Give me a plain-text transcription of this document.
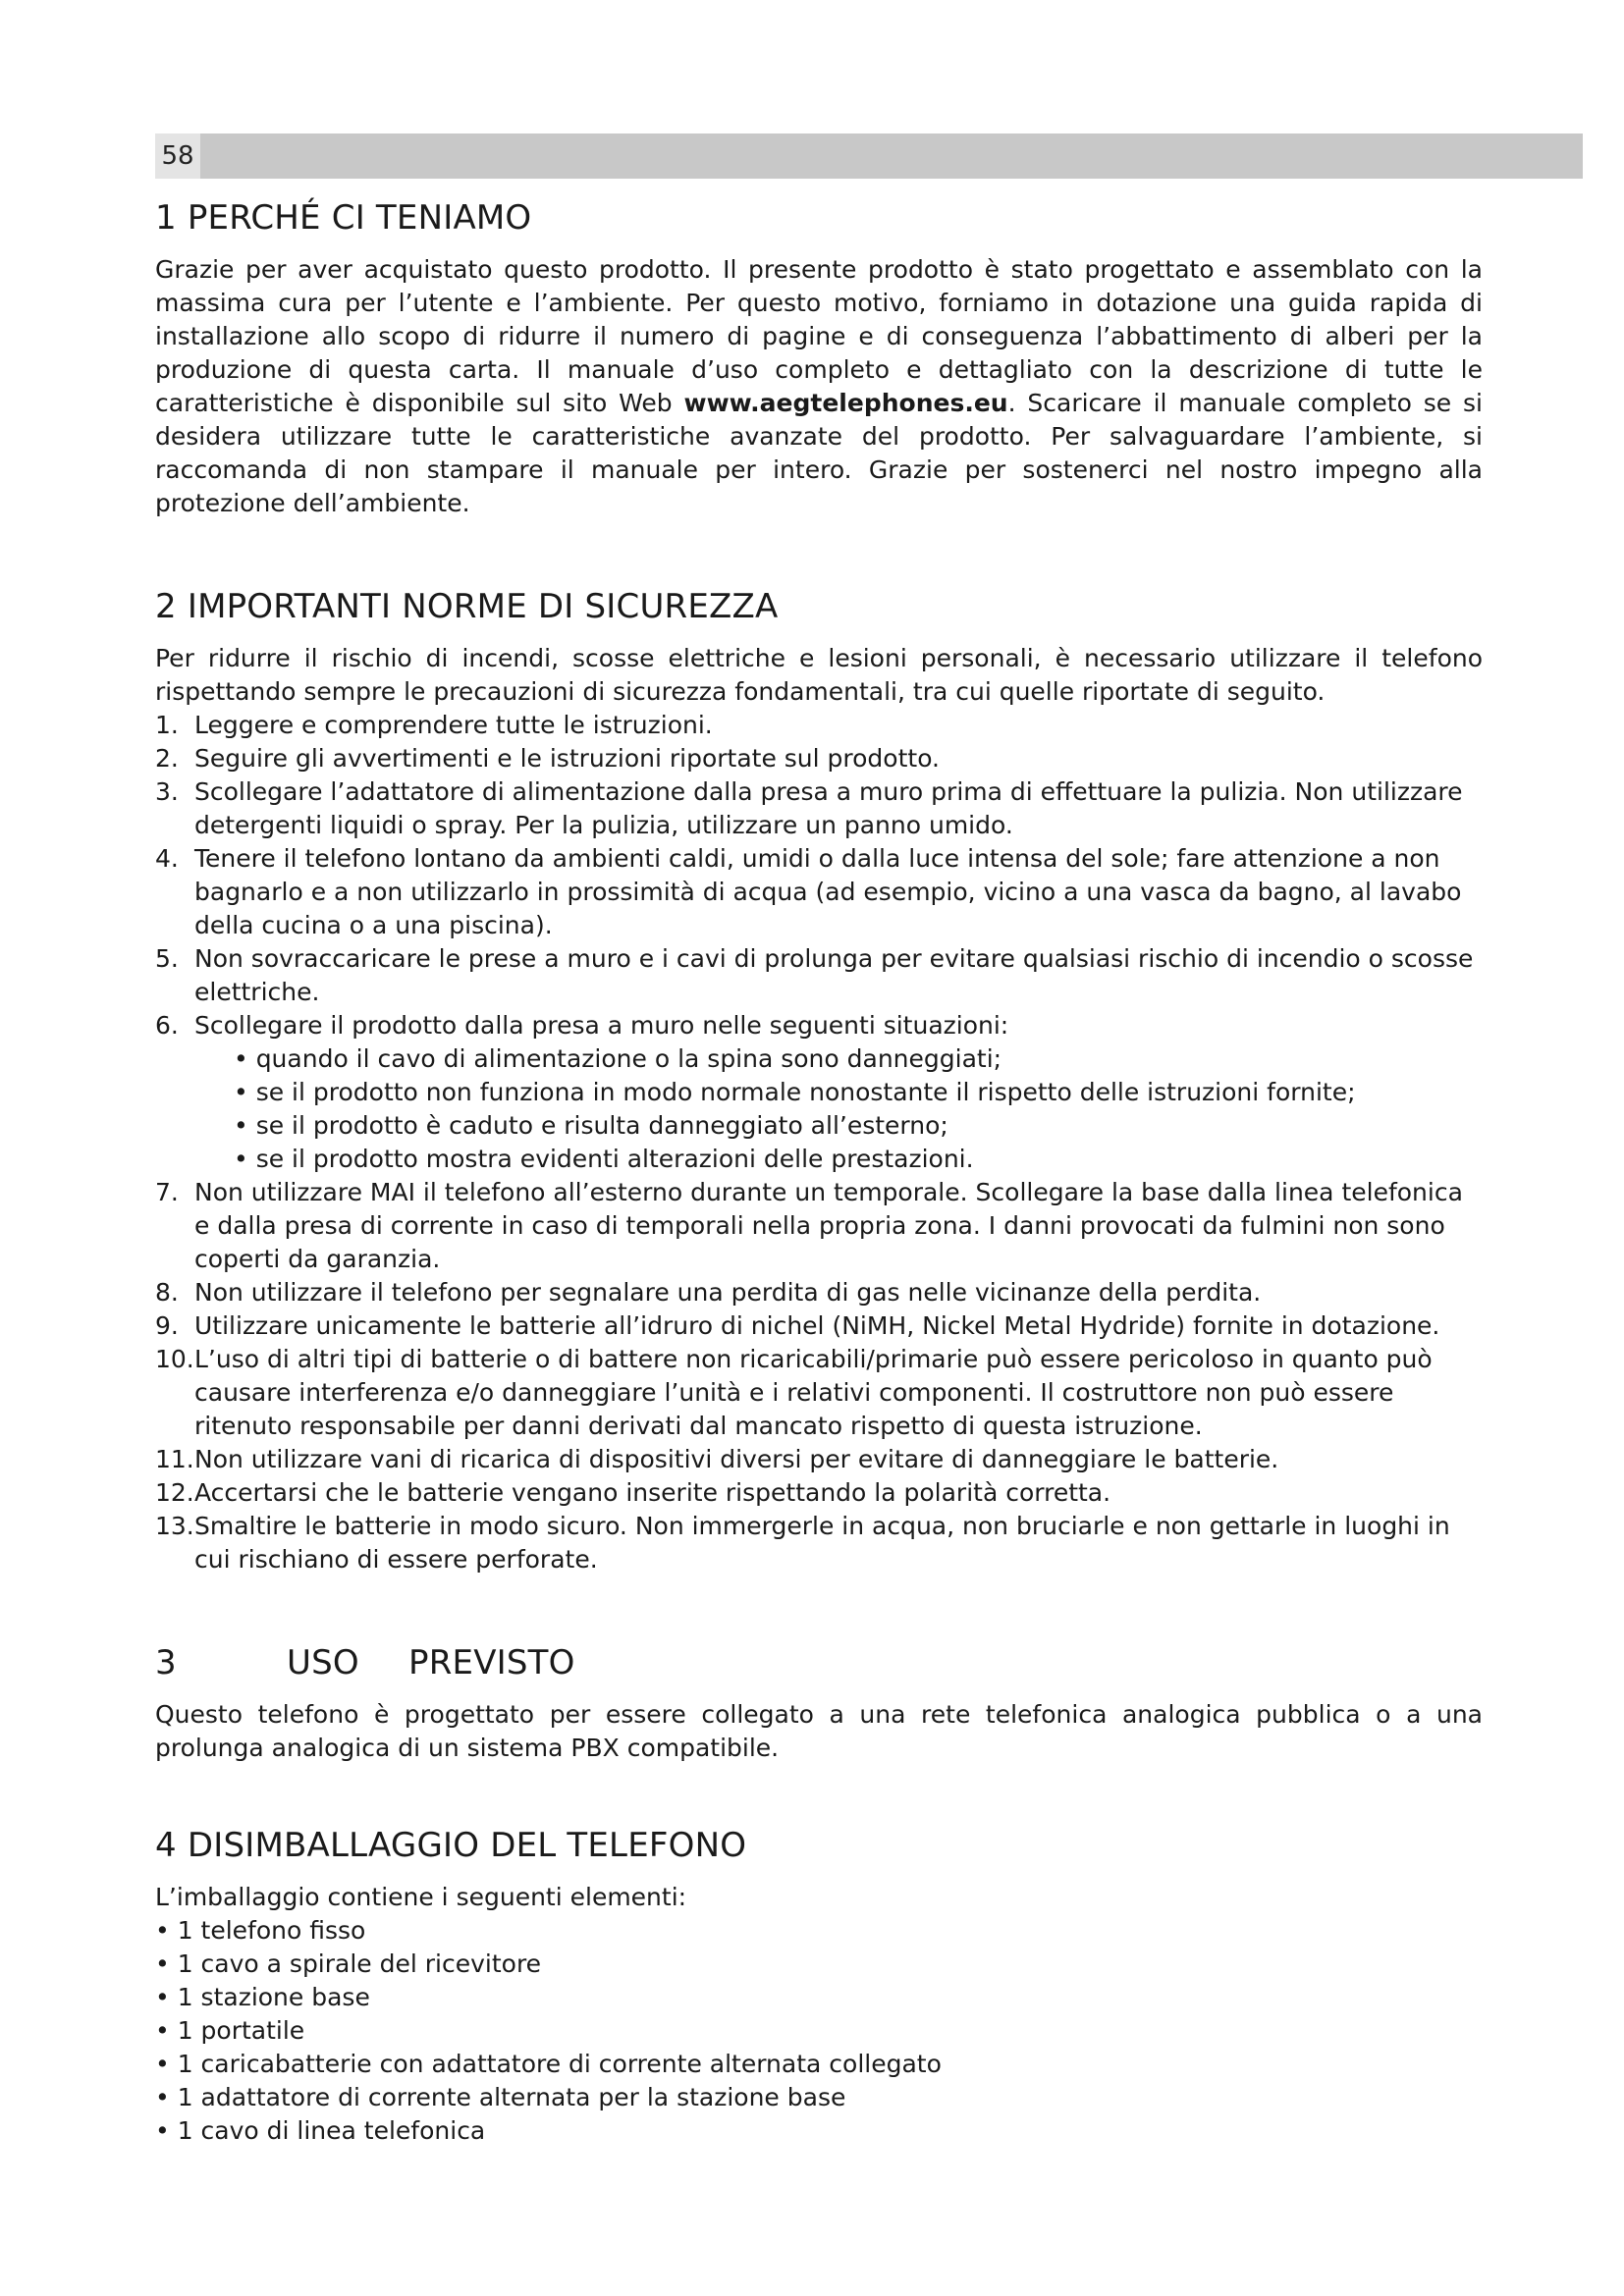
58
1 PERCHÉ CI TENIAMO

Grazie per aver acquistato questo prodotto. Il presente prodotto è stato progettato e assemblato con la massima cura per l’utente e l’ambiente. Per questo motivo, forniamo in dotazione una guida rapida di installazione allo scopo di ridurre il numero di pagine e di conseguenza l’abbattimento di alberi per la produzione di questa carta. Il manuale d’uso completo e dettagliato con la descrizione di tutte le caratteristiche è disponibile sul sito Web www.aegtelephones.eu. Scaricare il manuale completo se si desidera utilizzare tutte le caratteristiche avanzate del prodotto. Per salvaguardare l’ambiente, si raccomanda di non stampare il manuale per intero. Grazie per sostenerci nel nostro impegno alla protezione dell’ambiente.

2 IMPORTANTI NORME DI SICUREZZA

Per ridurre il rischio di incendi, scosse elettriche e lesioni personali, è necessario utilizzare il telefono rispettando sempre le precauzioni di sicurezza fondamentali, tra cui quelle riportate di seguito.

1. Leggere e comprendere tutte le istruzioni.
2. Seguire gli avvertimenti e le istruzioni riportate sul prodotto.
3. Scollegare l’adattatore di alimentazione dalla presa a muro prima di effettuare la pulizia. Non utilizzare detergenti liquidi o spray. Per la pulizia, utilizzare un panno umido.
4. Tenere il telefono lontano da ambienti caldi, umidi o dalla luce intensa del sole; fare attenzione a non bagnarlo e a non utilizzarlo in prossimità di acqua (ad esempio, vicino a una vasca da bagno, al lavabo della cucina o a una piscina).
5. Non sovraccaricare le prese a muro e i cavi di prolunga per evitare qualsiasi rischio di incendio o scosse elettriche.
6. Scollegare il prodotto dalla presa a muro nelle seguenti situazioni:
• quando il cavo di alimentazione o la spina sono danneggiati;
• se il prodotto non funziona in modo normale nonostante il rispetto delle istruzioni fornite;
• se il prodotto è caduto e risulta danneggiato all’esterno;
• se il prodotto mostra evidenti alterazioni delle prestazioni.
7. Non utilizzare MAI il telefono all’esterno durante un temporale. Scollegare la base dalla linea telefonica e dalla presa di corrente in caso di temporali nella propria zona. I danni provocati da fulmini non sono coperti da garanzia.
8. Non utilizzare il telefono per segnalare una perdita di gas nelle vicinanze della perdita.
9. Utilizzare unicamente le batterie all’idruro di nichel (NiMH, Nickel Metal Hydride) fornite in dotazione.
10. L’uso di altri tipi di batterie o di battere non ricaricabili/primarie può essere pericoloso in quanto può causare interferenza e/o danneggiare l’unità e i relativi componenti. Il costruttore non può essere ritenuto responsabile per danni derivati dal mancato rispetto di questa istruzione.
11. Non utilizzare vani di ricarica di dispositivi diversi per evitare di danneggiare le batterie.
12. Accertarsi che le batterie vengano inserite rispettando la polarità corretta.
13. Smaltire le batterie in modo sicuro. Non immergerle in acqua, non bruciarle e non gettarle in luoghi in cui rischiano di essere perforate.
3	USO PREVISTO

Questo telefono è progettato per essere collegato a una rete telefonica analogica pubblica o a una prolunga analogica di un sistema PBX compatibile.

4 DISIMBALLAGGIO DEL TELEFONO

L’imballaggio contiene i seguenti elementi:

• 1 telefono fisso
• 1 cavo a spirale del ricevitore
• 1 stazione base
• 1 portatile
• 1 caricabatterie con adattatore di corrente alternata collegato
• 1 adattatore di corrente alternata per la stazione base
• 1 cavo di linea telefonica
